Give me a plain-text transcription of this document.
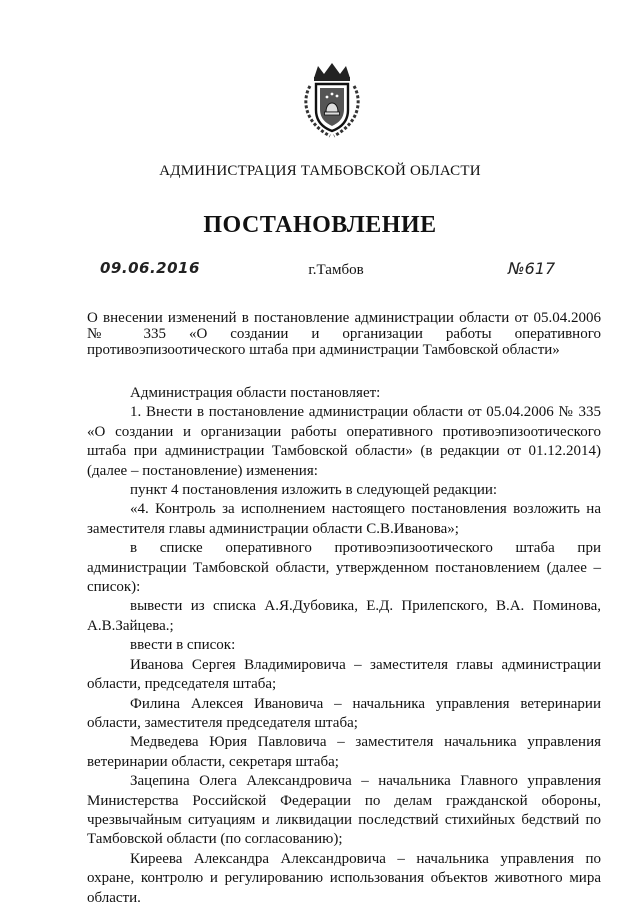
АДМИНИСТРАЦИЯ ТАМБОВСКОЙ ОБЛАСТИ
ПОСТАНОВЛЕНИЕ
09.06.2016	г.Тамбов	№617
О внесении изменений в постановление администрации области от 05.04.2006 № 335 «О создании и организации работы оперативного противоэпизоотического штаба при администрации Тамбовской области»

Администрация области постановляет:

1. Внести в постановление администрации области от 05.04.2006 № 335 «О создании и организации работы оперативного противоэпизоотического штаба при администрации Тамбовской области» (в редакции от 01.12.2014) (далее – постановление) изменения:

пункт 4 постановления изложить в следующей редакции:

«4. Контроль за исполнением настоящего постановления возложить на заместителя главы администрации области С.В.Иванова»;

в списке оперативного противоэпизоотического штаба при администрации Тамбовской области, утвержденном постановлением (далее – список):

вывести из списка А.Я.Дубовика, Е.Д. Прилепского, В.А. Поминова, А.В.Зайцева.;

ввести в список:

Иванова Сергея Владимировича – заместителя главы администрации области, председателя штаба;

Филина Алексея Ивановича – начальника управления ветеринарии области, заместителя председателя штаба;

Медведева Юрия Павловича – заместителя начальника управления ветеринарии области, секретаря штаба;

Зацепина Олега Александровича – начальника Главного управления Министерства Российской Федерации по делам гражданской обороны, чрезвычайным ситуациям и ликвидации последствий стихийных бедствий по Тамбовской области (по согласованию);

Киреева Александра Александровича – начальника управления по охране, контролю и регулированию использования объектов животного мира области.
